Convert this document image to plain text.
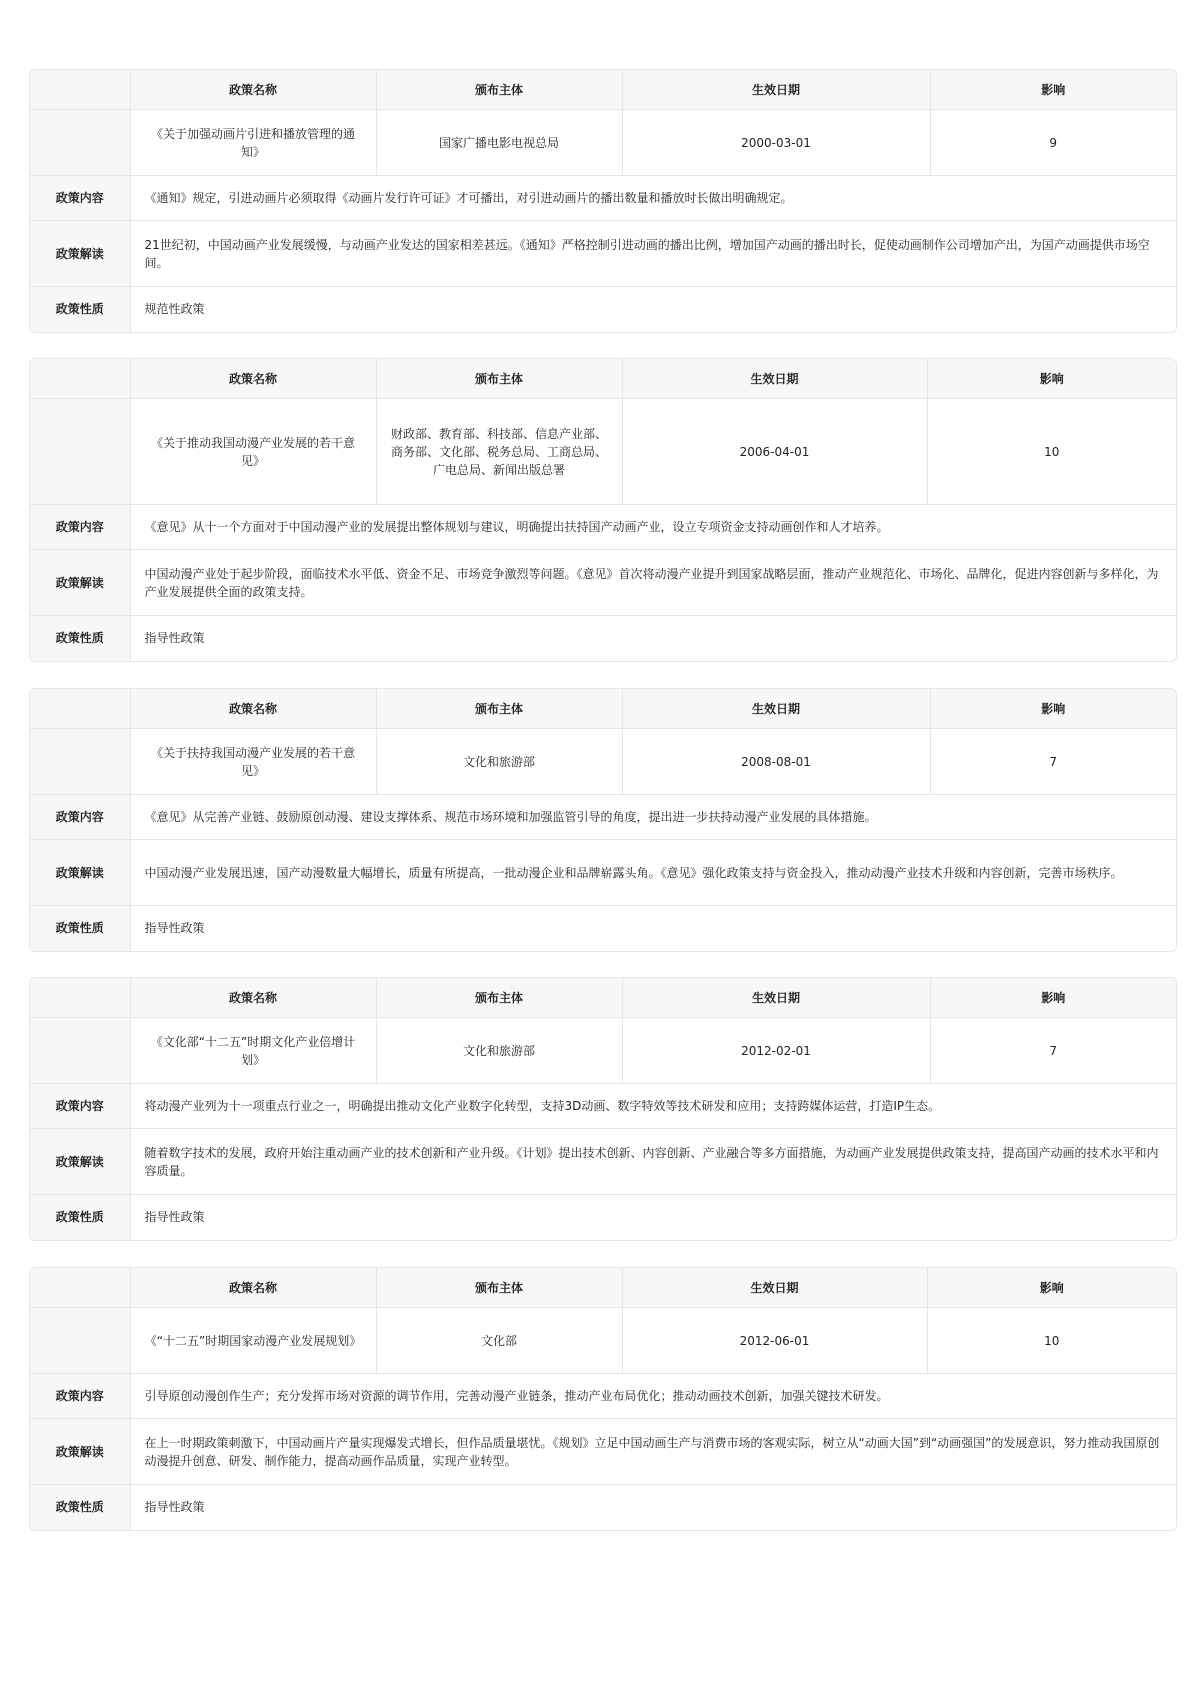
	政策名称	颁布主体	生效日期	影响
	《关于加强动画片引进和播放管理的通知》	国家广播电影电视总局	2000-03-01	9
政策内容	《通知》规定，引进动画片必须取得《动画片发行许可证》才可播出，对引进动画片的播出数量和播放时长做出明确规定。			
政策解读	21世纪初，中国动画产业发展缓慢，与动画产业发达的国家相差甚远。《通知》严格控制引进动画的播出比例，增加国产动画的播出时长，促使动画制作公司增加产出，为国产动画提供市场空间。			
政策性质	规范性政策			
	政策名称	颁布主体	生效日期	影响
	《关于推动我国动漫产业发展的若干意见》	财政部、教育部、科技部、信息产业部、商务部、文化部、税务总局、工商总局、广电总局、新闻出版总署	2006-04-01	10
政策内容	《意见》从十一个方面对于中国动漫产业的发展提出整体规划与建议，明确提出扶持国产动画产业，设立专项资金支持动画创作和人才培养。			
政策解读	中国动漫产业处于起步阶段，面临技术水平低、资金不足、市场竞争激烈等问题。《意见》首次将动漫产业提升到国家战略层面，推动产业规范化、市场化、品牌化，促进内容创新与多样化，为产业发展提供全面的政策支持。			
政策性质	指导性政策			
	政策名称	颁布主体	生效日期	影响
	《关于扶持我国动漫产业发展的若干意见》	文化和旅游部	2008-08-01	7
政策内容	《意见》从完善产业链、鼓励原创动漫、建设支撑体系、规范市场环境和加强监管引导的角度，提出进一步扶持动漫产业发展的具体措施。			
政策解读	中国动漫产业发展迅速，国产动漫数量大幅增长，质量有所提高，一批动漫企业和品牌崭露头角。《意见》强化政策支持与资金投入，推动动漫产业技术升级和内容创新，完善市场秩序。			
政策性质	指导性政策			
	政策名称	颁布主体	生效日期	影响
	《文化部“十二五”时期文化产业倍增计划》	文化和旅游部	2012-02-01	7
政策内容	将动漫产业列为十一项重点行业之一，明确提出推动文化产业数字化转型，支持3D动画、数字特效等技术研发和应用；支持跨媒体运营，打造IP生态。			
政策解读	随着数字技术的发展，政府开始注重动画产业的技术创新和产业升级。《计划》提出技术创新、内容创新、产业融合等多方面措施，为动画产业发展提供政策支持，提高国产动画的技术水平和内容质量。			
政策性质	指导性政策			
	政策名称	颁布主体	生效日期	影响
	《“十二五”时期国家动漫产业发展规划》	文化部	2012-06-01	10
政策内容	引导原创动漫创作生产；充分发挥市场对资源的调节作用，完善动漫产业链条，推动产业布局优化；推动动画技术创新，加强关键技术研发。			
政策解读	在上一时期政策刺激下，中国动画片产量实现爆发式增长，但作品质量堪忧。《规划》立足中国动画生产与消费市场的客观实际，树立从“动画大国”到“动画强国”的发展意识，努力推动我国原创动漫提升创意、研发、制作能力，提高动画作品质量，实现产业转型。			
政策性质	指导性政策			
